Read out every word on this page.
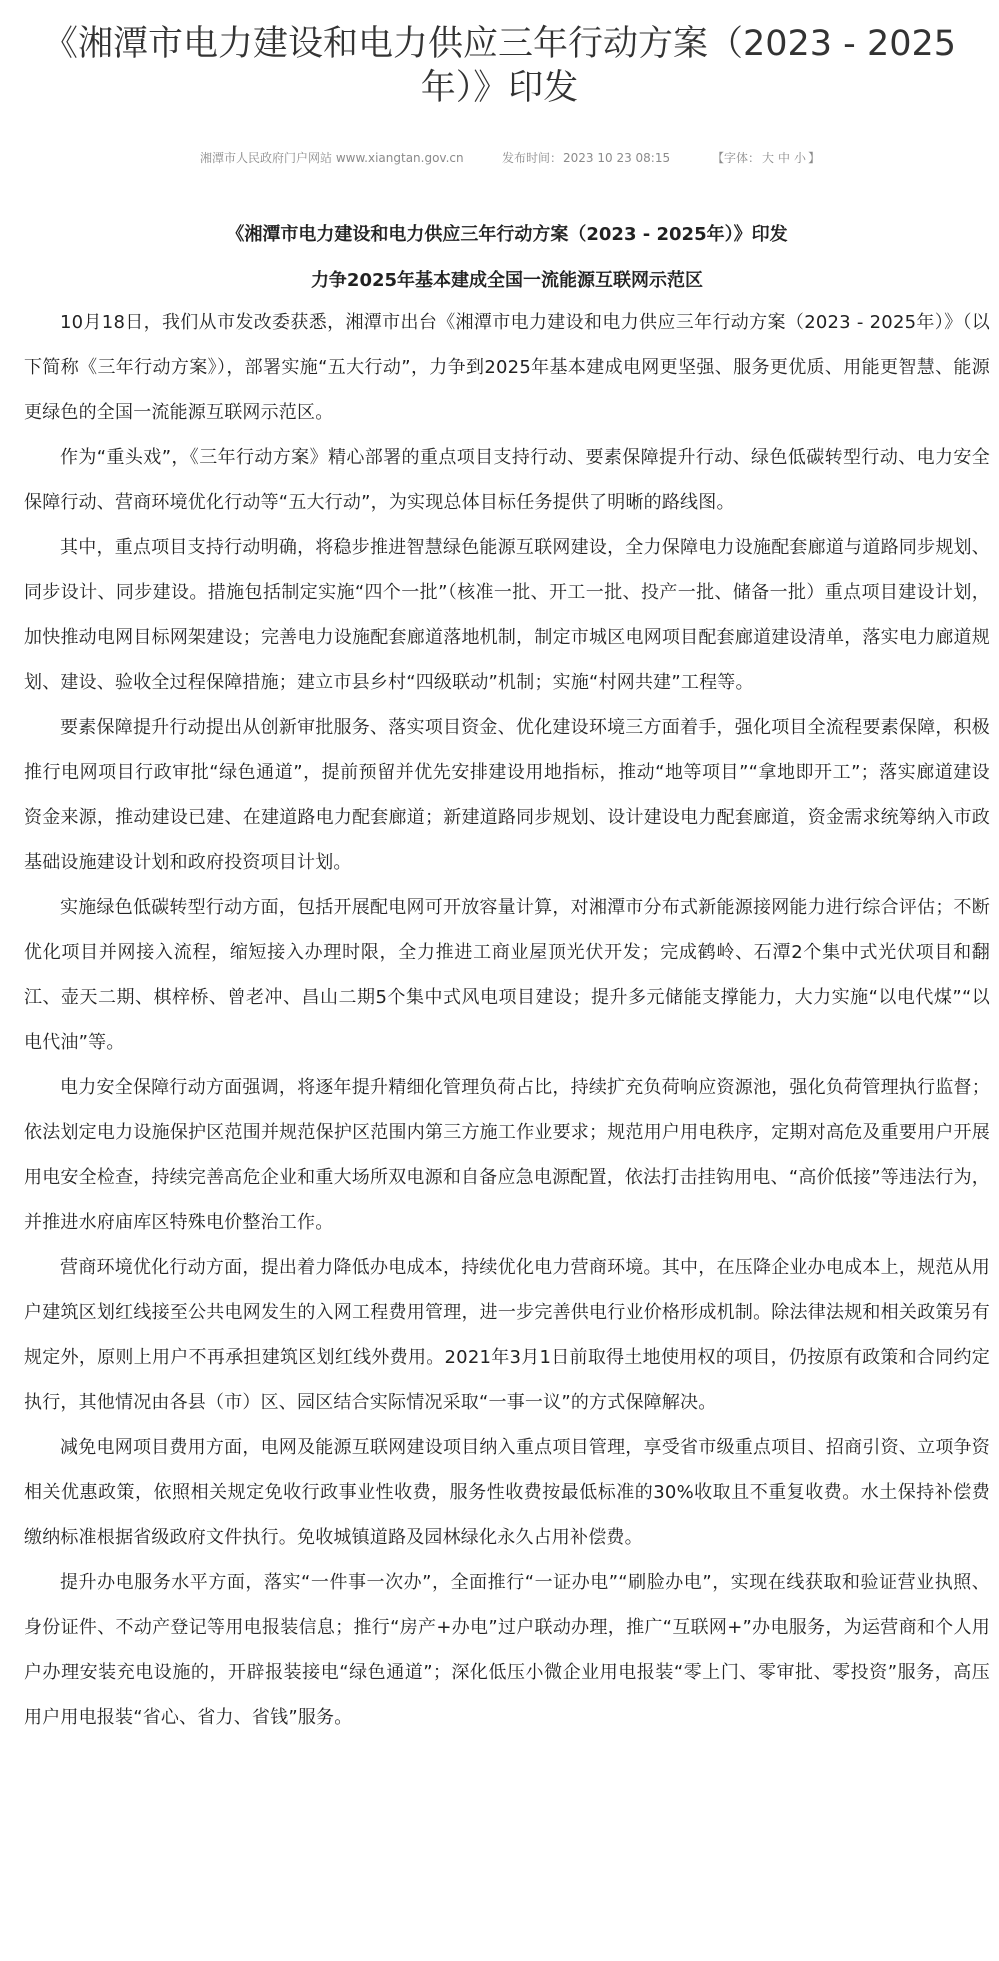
《湘潭市电力建设和电力供应三年行动方案（2023 - 2025年）》印发
湘潭市人民政府门户网站 www.xiangtan.gov.cn	发布时间： 2023 10 23 08:15	【字体： 大 中 小 】

《湘潭市电力建设和电力供应三年行动方案（2023 - 2025年）》印发

力争2025年基本建成全国一流能源互联网示范区

10月18日，我们从市发改委获悉，湘潭市出台《湘潭市电力建设和电力供应三年行动方案（2023 - 2025年）》（以下简称《三年行动方案》），部署实施“五大行动”，力争到2025年基本建成电网更坚强、服务更优质、用能更智慧、能源更绿色的全国一流能源互联网示范区。

作为“重头戏”，《三年行动方案》精心部署的重点项目支持行动、要素保障提升行动、绿色低碳转型行动、电力安全保障行动、营商环境优化行动等“五大行动”，为实现总体目标任务提供了明晰的路线图。

其中，重点项目支持行动明确，将稳步推进智慧绿色能源互联网建设，全力保障电力设施配套廊道与道路同步规划、同步设计、同步建设。措施包括制定实施“四个一批”（核准一批、开工一批、投产一批、储备一批）重点项目建设计划，加快推动电网目标网架建设；完善电力设施配套廊道落地机制，制定市城区电网项目配套廊道建设清单，落实电力廊道规划、建设、验收全过程保障措施；建立市县乡村“四级联动”机制；实施“村网共建”工程等。

要素保障提升行动提出从创新审批服务、落实项目资金、优化建设环境三方面着手，强化项目全流程要素保障，积极推行电网项目行政审批“绿色通道”，提前预留并优先安排建设用地指标，推动“地等项目”“拿地即开工”；落实廊道建设资金来源，推动建设已建、在建道路电力配套廊道；新建道路同步规划、设计建设电力配套廊道，资金需求统筹纳入市政基础设施建设计划和政府投资项目计划。

实施绿色低碳转型行动方面，包括开展配电网可开放容量计算，对湘潭市分布式新能源接网能力进行综合评估；不断优化项目并网接入流程，缩短接入办理时限，全力推进工商业屋顶光伏开发；完成鹤岭、石潭2个集中式光伏项目和翻江、壶天二期、棋梓桥、曾老冲、昌山二期5个集中式风电项目建设；提升多元储能支撑能力，大力实施“以电代煤”“以电代油”等。

电力安全保障行动方面强调，将逐年提升精细化管理负荷占比，持续扩充负荷响应资源池，强化负荷管理执行监督；依法划定电力设施保护区范围并规范保护区范围内第三方施工作业要求；规范用户用电秩序，定期对高危及重要用户开展用电安全检查，持续完善高危企业和重大场所双电源和自备应急电源配置，依法打击挂钩用电、“高价低接”等违法行为，并推进水府庙库区特殊电价整治工作。

营商环境优化行动方面，提出着力降低办电成本，持续优化电力营商环境。其中，在压降企业办电成本上，规范从用户建筑区划红线接至公共电网发生的入网工程费用管理，进一步完善供电行业价格形成机制。除法律法规和相关政策另有规定外，原则上用户不再承担建筑区划红线外费用。2021年3月1日前取得土地使用权的项目，仍按原有政策和合同约定执行，其他情况由各县（市）区、园区结合实际情况采取“一事一议”的方式保障解决。

减免电网项目费用方面，电网及能源互联网建设项目纳入重点项目管理，享受省市级重点项目、招商引资、立项争资相关优惠政策，依照相关规定免收行政事业性收费，服务性收费按最低标准的30%收取且不重复收费。水土保持补偿费缴纳标准根据省级政府文件执行。免收城镇道路及园林绿化永久占用补偿费。

提升办电服务水平方面，落实“一件事一次办”，全面推行“一证办电”“刷脸办电”，实现在线获取和验证营业执照、身份证件、不动产登记等用电报装信息；推行“房产+办电”过户联动办理，推广“互联网+”办电服务，为运营商和个人用户办理安装充电设施的，开辟报装接电“绿色通道”；深化低压小微企业用电报装“零上门、零审批、零投资”服务，高压用户用电报装“省心、省力、省钱”服务。
